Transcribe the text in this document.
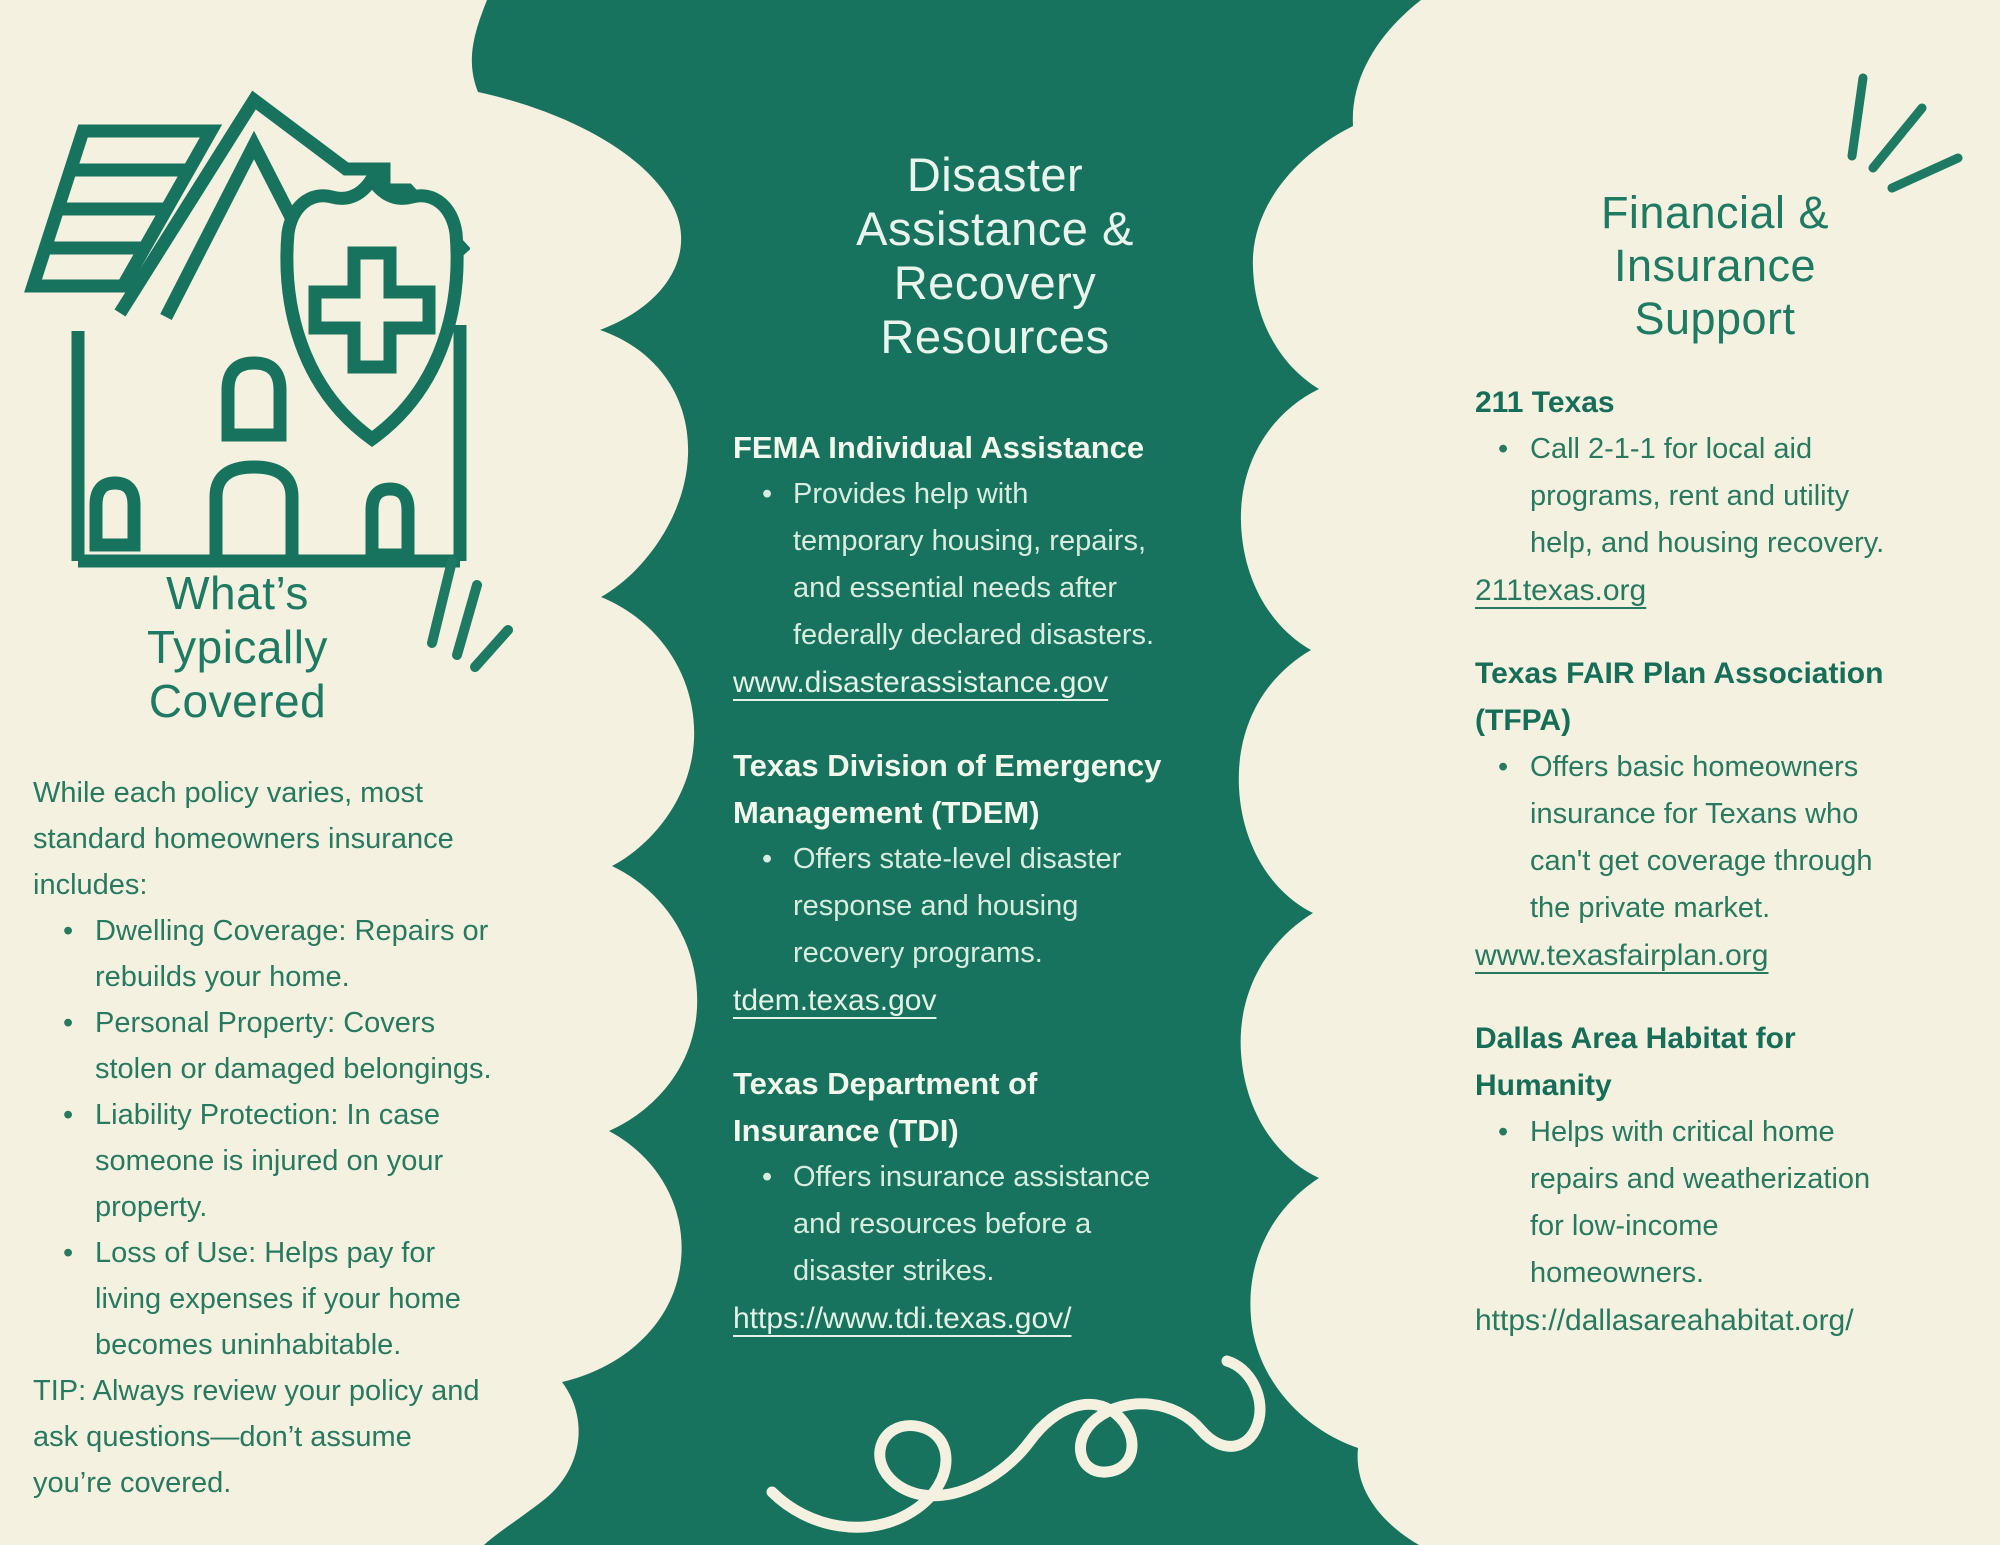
What’s
Typically
Covered
While each policy varies, most
standard homeowners insurance
includes:
• Dwelling Coverage: Repairs or
rebuilds your home.
• Personal Property: Covers
stolen or damaged belongings.
• Liability Protection: In case
someone is injured on your
property.
• Loss of Use: Helps pay for
living expenses if your home
becomes uninhabitable.
TIP: Always review your policy and
ask questions—don’t assume
you’re covered.
Disaster
Assistance &
Recovery
Resources
FEMA Individual Assistance
• Provides help with
temporary housing, repairs,
and essential needs after
federally declared disasters.
www.disasterassistance.gov
Texas Division of Emergency
Management (TDEM)
• Offers state-level disaster
response and housing
recovery programs.
tdem.texas.gov
Texas Department of
Insurance (TDI)
• Offers insurance assistance
and resources before a
disaster strikes.
https://www.tdi.texas.gov/
Financial &
Insurance
Support
211 Texas
• Call 2-1-1 for local aid
programs, rent and utility
help, and housing recovery.
211texas.org
Texas FAIR Plan Association
(TFPA)
• Offers basic homeowners
insurance for Texans who
can't get coverage through
the private market.
www.texasfairplan.org
Dallas Area Habitat for
Humanity
• Helps with critical home
repairs and weatherization
for low-income
homeowners.
https://dallasareahabitat.org/
